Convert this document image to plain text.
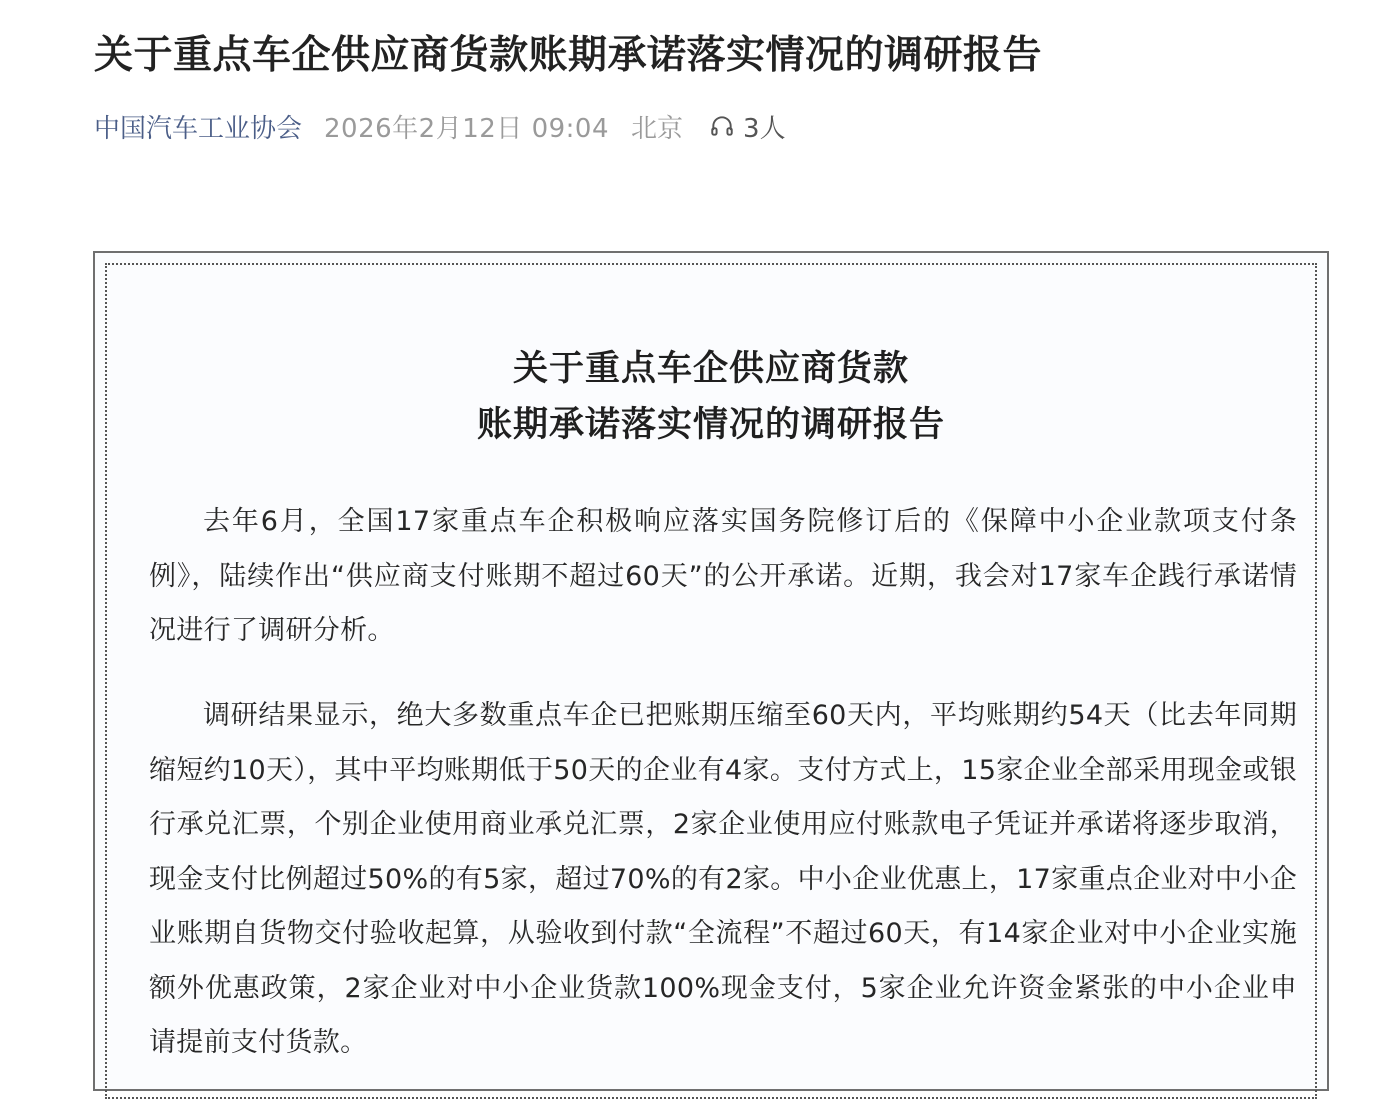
关于重点车企供应商货款账期承诺落实情况的调研报告
中国汽车工业协会 2026年2月12日 09:04 北京 3人
关于重点车企供应商货款
账期承诺落实情况的调研报告

去年6月，全国17家重点车企积极响应落实国务院修订后的《保障中小企业款项支付条例》，陆续作出“供应商支付账期不超过60天”的公开承诺。近期，我会对17家车企践行承诺情况进行了调研分析。

调研结果显示，绝大多数重点车企已把账期压缩至60天内，平均账期约54天（比去年同期缩短约10天），其中平均账期低于50天的企业有4家。支付方式上，15家企业全部采用现金或银行承兑汇票，个别企业使用商业承兑汇票，2家企业使用应付账款电子凭证并承诺将逐步取消，现金支付比例超过50%的有5家，超过70%的有2家。中小企业优惠上，17家重点企业对中小企业账期自货物交付验收起算，从验收到付款“全流程”不超过60天，有14家企业对中小企业实施额外优惠政策，2家企业对中小企业货款100%现金支付，5家企业允许资金紧张的中小企业申请提前支付货款。
